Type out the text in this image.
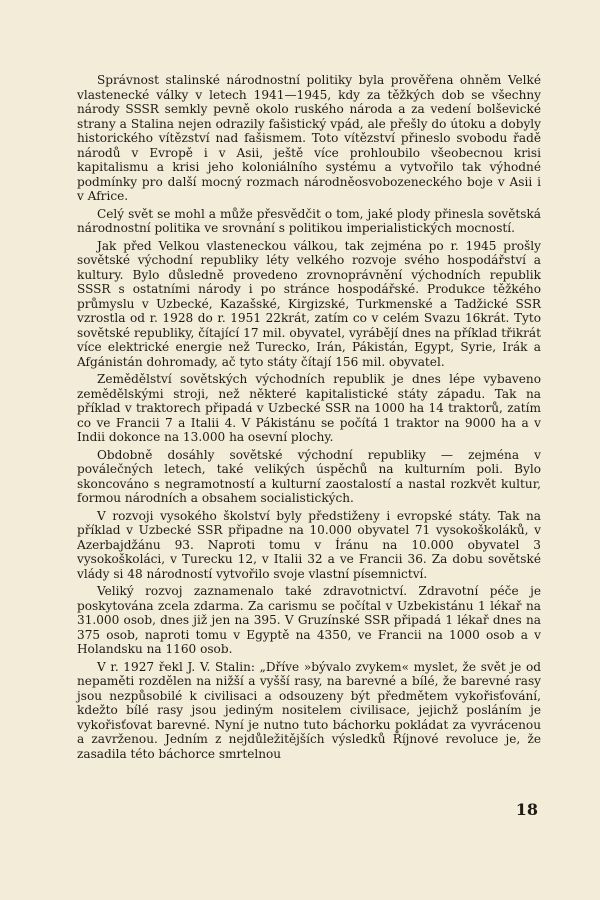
Správnost stalinské národnostní politiky byla prověřena ohněm Velké vlastenecké války v letech 1941—1945, kdy za těžkých dob se všechny národy SSSR semkly pevně okolo ruského národa a za vedení bolševické strany a Stalina nejen odrazily fašistický vpád, ale přešly do útoku a dobyly historického vítězství nad fašismem. Toto vítězství přineslo svobodu řadě národů v Evropě i v Asii, ještě více prohloubilo všeobecnou krisi kapitalismu a krisi jeho koloniálního systému a vytvořilo tak výhodné podmínky pro další mocný rozmach národněosvobozeneckého boje v Asii i v Africe.

Celý svět se mohl a může přesvědčit o tom, jaké plody přinesla sovětská národnostní politika ve srovnání s politikou imperialistických mocností.

Jak před Velkou vlasteneckou válkou, tak zejména po r. 1945 prošly sovětské východní republiky léty velkého rozvoje svého hospodářství a kultury. Bylo důsledně provedeno zrovnoprávnění východních republik SSSR s ostatními národy i po stránce hospodářské. Produkce těžkého průmyslu v Uzbecké, Kazašské, Kirgizské, Turkmenské a Tadžické SSR vzrostla od r. 1928 do r. 1951 22krát, zatím co v celém Svazu 16krát. Tyto sovětské republiky, čítající 17 mil. obyvatel, vyrábějí dnes na příklad třikrát více elektrické energie než Turecko, Irán, Pákistán, Egypt, Syrie, Irák a Afgánistán dohromady, ač tyto státy čítají 156 mil. obyvatel.

Zemědělství sovětských východních republik je dnes lépe vybaveno zemědělskými stroji, než některé kapitalistické státy západu. Tak na příklad v traktorech připadá v Uzbecké SSR na 1000 ha 14 traktorů, zatím co ve Francii 7 a Italii 4. V Pákistánu se počítá 1 traktor na 9000 ha a v Indii dokonce na 13.000 ha osevní plochy.

Obdobně dosáhly sovětské východní republiky — zejména v poválečných letech, také velikých úspěchů na kulturním poli. Bylo skoncováno s negramotností a kulturní zaostalostí a nastal rozkvět kultur, formou národních a obsahem socialistických.

V rozvoji vysokého školství byly předstiženy i evropské státy. Tak na příklad v Uzbecké SSR připadne na 10.000 obyvatel 71 vysokoškoláků, v Azerbajdžánu 93. Naproti tomu v Íránu na 10.000 obyvatel 3 vysokoškoláci, v Turecku 12, v Italii 32 a ve Francii 36. Za dobu sovětské vlády si 48 národností vytvořilo svoje vlastní písemnictví.

Veliký rozvoj zaznamenalo také zdravotnictví. Zdravotní péče je poskytována zcela zdarma. Za carismu se počítal v Uzbekistánu 1 lékař na 31.000 osob, dnes již jen na 395. V Gruzínské SSR připadá 1 lékař dnes na 375 osob, naproti tomu v Egyptě na 4350, ve Francii na 1000 osob a v Holandsku na 1160 osob.

V r. 1927 řekl J. V. Stalin: „Dříve »bývalo zvykem« myslet, že svět je od nepaměti rozdělen na nižší a vyšší rasy, na barevné a bílé, že barevné rasy jsou nezpůsobilé k civilisaci a odsouzeny být předmětem vykořisťování, kdežto bílé rasy jsou jediným nositelem civilisace, jejichž posláním je vykořisťovat barevné. Nyní je nutno tuto báchorku pokládat za vyvrácenou a zavrženou. Jedním z nejdůležitějších výsledků Říjnové revoluce je, že zasadila této báchorce smrtelnou

18
